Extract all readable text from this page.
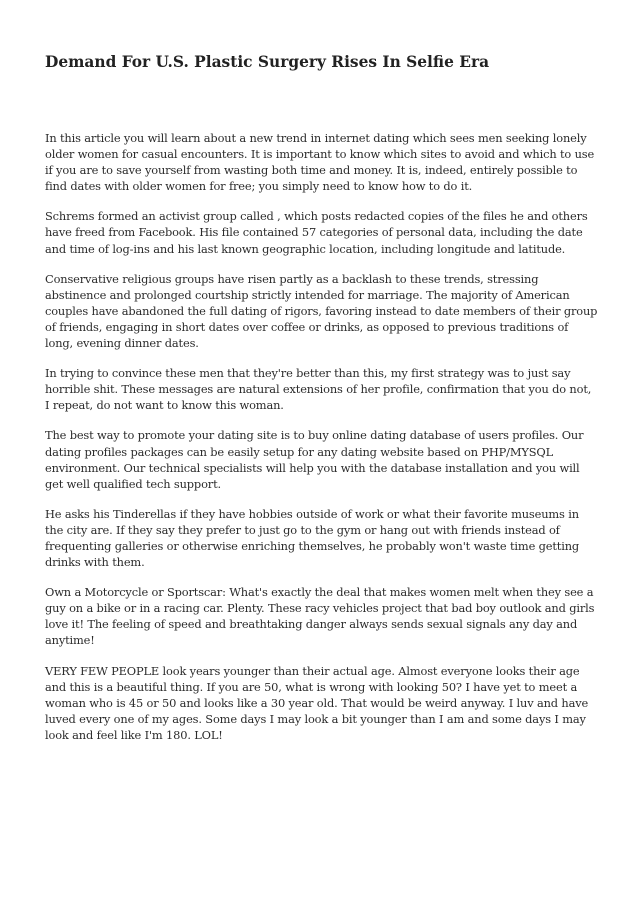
Demand For U.S. Plastic Surgery Rises In Selfie Era

In this article you will learn about a new trend in internet dating which sees men seeking lonely older women for casual encounters. It is important to know which sites to avoid and which to use if you are to save yourself from wasting both time and money. It is, indeed, entirely possible to find dates with older women for free; you simply need to know how to do it.

Schrems formed an activist group called , which posts redacted copies of the files he and others have freed from Facebook. His file contained 57 categories of personal data, including the date and time of log-ins and his last known geographic location, including longitude and latitude.

Conservative religious groups have risen partly as a backlash to these trends, stressing abstinence and prolonged courtship strictly intended for marriage. The majority of American couples have abandoned the full dating of rigors, favoring instead to date members of their group of friends, engaging in short dates over coffee or drinks, as opposed to previous traditions of long, evening dinner dates.

In trying to convince these men that they're better than this, my first strategy was to just say horrible shit. These messages are natural extensions of her profile, confirmation that you do not, I repeat, do not want to know this woman.

The best way to promote your dating site is to buy online dating database of users profiles. Our dating profiles packages can be easily setup for any dating website based on PHP/MYSQL environment. Our technical specialists will help you with the database installation and you will get well qualified tech support.

He asks his Tinderellas if they have hobbies outside of work or what their favorite museums in the city are. If they say they prefer to just go to the gym or hang out with friends instead of frequenting galleries or otherwise enriching themselves, he probably won't waste time getting drinks with them.

Own a Motorcycle or Sportscar: What's exactly the deal that makes women melt when they see a guy on a bike or in a racing car. Plenty. These racy vehicles project that bad boy outlook and girls love it! The feeling of speed and breathtaking danger always sends sexual signals any day and anytime!

VERY FEW PEOPLE look years younger than their actual age. Almost everyone looks their age and this is a beautiful thing. If you are 50, what is wrong with looking 50? I have yet to meet a woman who is 45 or 50 and looks like a 30 year old. That would be weird anyway. I luv and have luved every one of my ages. Some days I may look a bit younger than I am and some days I may look and feel like I'm 180. LOL!
